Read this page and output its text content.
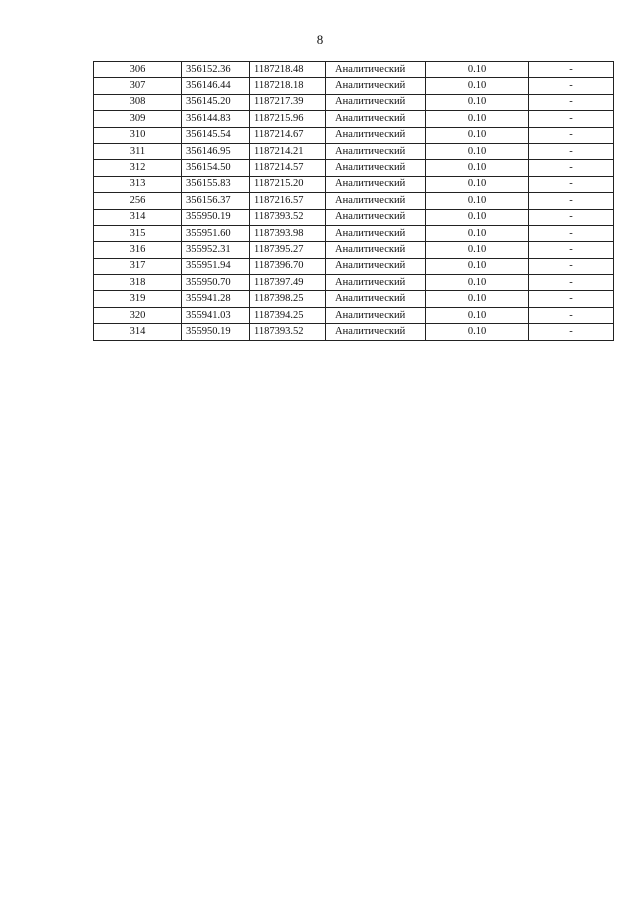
8
306	356152.36	1187218.48	Аналитический	0.10	-
307	356146.44	1187218.18	Аналитический	0.10	-
308	356145.20	1187217.39	Аналитический	0.10	-
309	356144.83	1187215.96	Аналитический	0.10	-
310	356145.54	1187214.67	Аналитический	0.10	-
311	356146.95	1187214.21	Аналитический	0.10	-
312	356154.50	1187214.57	Аналитический	0.10	-
313	356155.83	1187215.20	Аналитический	0.10	-
256	356156.37	1187216.57	Аналитический	0.10	-
314	355950.19	1187393.52	Аналитический	0.10	-
315	355951.60	1187393.98	Аналитический	0.10	-
316	355952.31	1187395.27	Аналитический	0.10	-
317	355951.94	1187396.70	Аналитический	0.10	-
318	355950.70	1187397.49	Аналитический	0.10	-
319	355941.28	1187398.25	Аналитический	0.10	-
320	355941.03	1187394.25	Аналитический	0.10	-
314	355950.19	1187393.52	Аналитический	0.10	-
